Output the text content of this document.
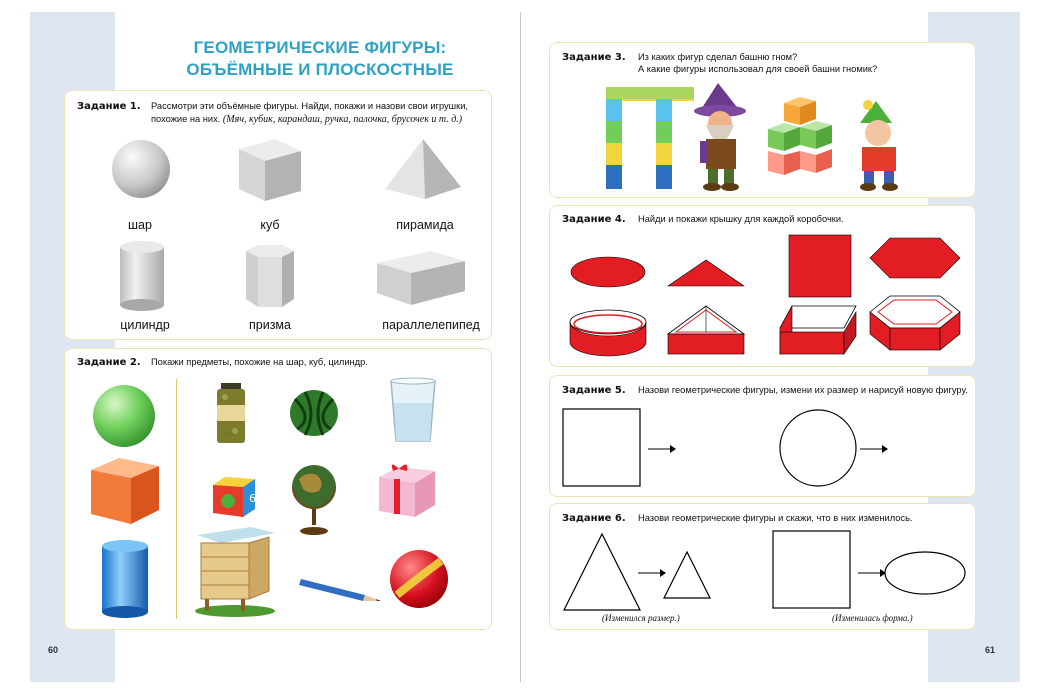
ГЕОМЕТРИЧЕСКИЕ ФИГУРЫ:
ОБЪЁМНЫЕ И ПЛОСКОСТНЫЕ
Задание 1. Рассмотри эти объёмные фигуры. Найди, покажи и назови свои игрушки, похожие на них. (Мяч, кубик, карандаш, ручка, палочка, брусочек и т. д.)
шар	куб	пирамида
цилиндр	призма	параллелепипед
Задание 2. Покажи предметы, похожие на шар, куб, цилиндр.
6
60
Задание 3. Из каких фигур сделал башню гном?
А какие фигуры использовал для своей башни гномик?
Задание 4. Найди и покажи крышку для каждой коробочки.
Задание 5. Назови геометрические фигуры, измени их размер и нарисуй новую фигуру.
Задание 6. Назови геометрические фигуры и скажи, что в них изменилось.
(Изменился размер.)	(Изменилась форма.)
61
